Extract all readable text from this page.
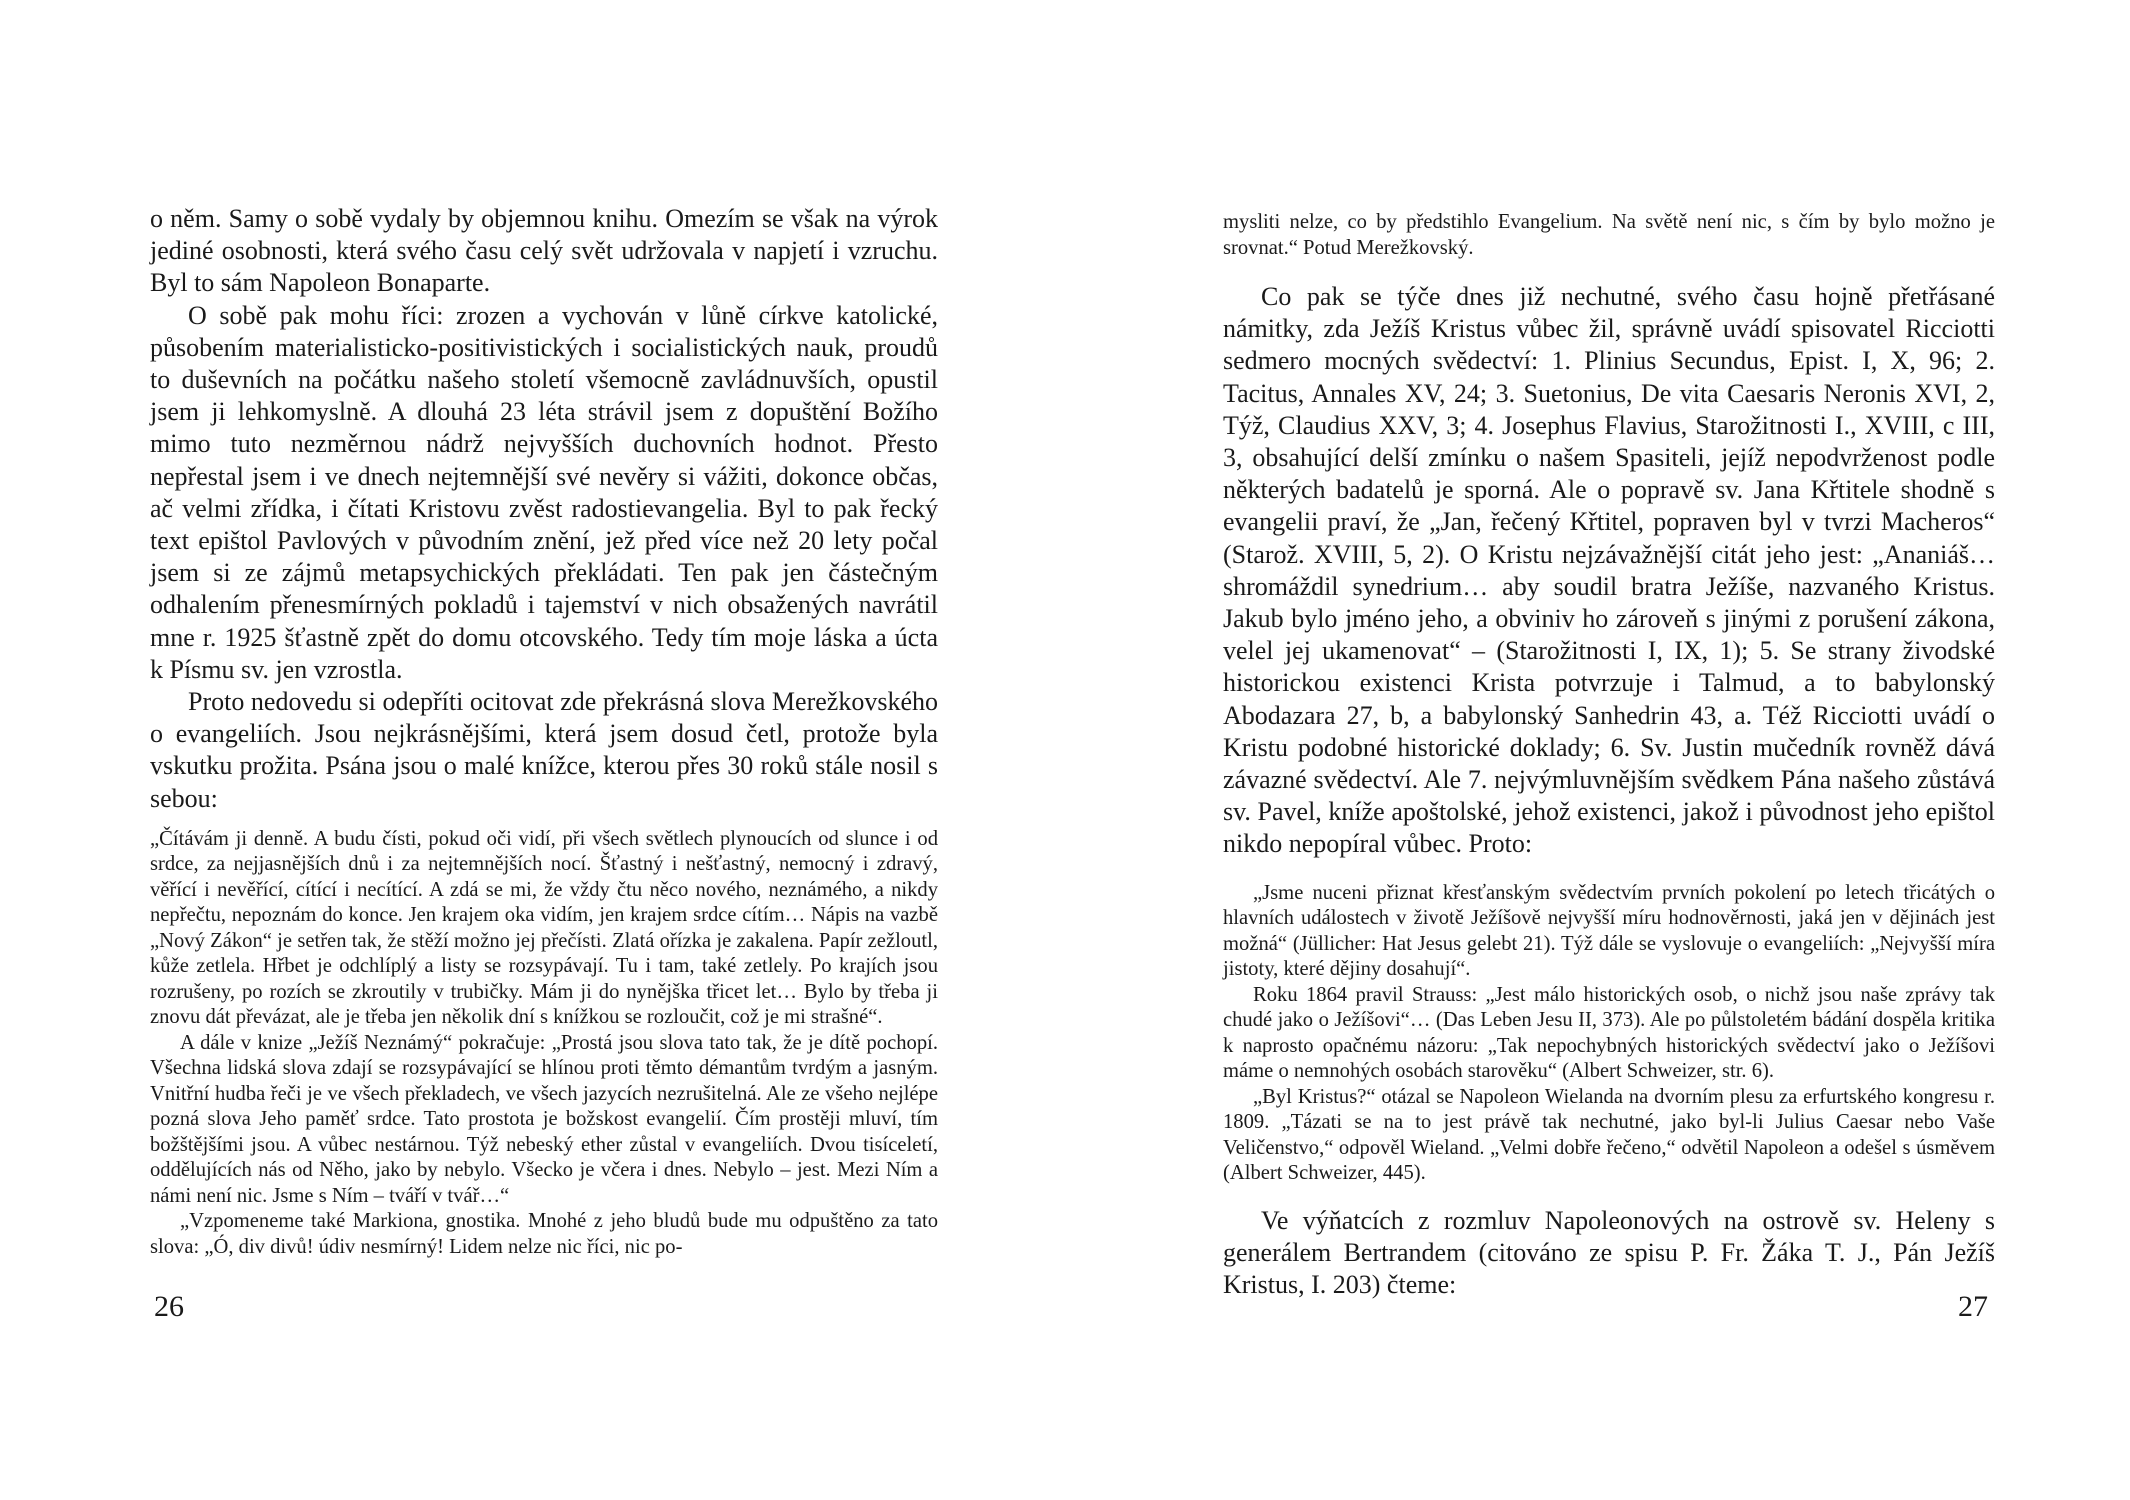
o něm. Samy o sobě vydaly by objemnou knihu. Omezím se však na výrok jediné osobnosti, která svého času celý svět udržovala v napjetí i vzruchu. Byl to sám Napoleon Bonaparte.

O sobě pak mohu říci: zrozen a vychován v lůně církve katolické, působením materialisticko-positivistických i socialistických nauk, proudů to duševních na počátku našeho století všemocně zavládnuvších, opustil jsem ji lehkomyslně. A dlouhá 23 léta strávil jsem z dopuštění Božího mimo tuto nezměrnou nádrž nejvyšších duchovních hodnot. Přesto nepřestal jsem i ve dnech nejtemnější své nevěry si vážiti, dokonce občas, ač velmi zřídka, i čítati Kristovu zvěst radostievangelia. Byl to pak řecký text epištol Pavlových v původním znění, jež před více než 20 lety počal jsem si ze zájmů metapsychických překládati. Ten pak jen částečným odhalením přenesmírných pokladů i tajemství v nich obsažených navrátil mne r. 1925 šťastně zpět do domu otcovského. Tedy tím moje láska a úcta k Písmu sv. jen vzrostla.

Proto nedovedu si odepříti ocitovat zde překrásná slova Merežkovského o evangeliích. Jsou nejkrásnějšími, která jsem dosud četl, protože byla vskutku prožita. Psána jsou o malé knížce, kterou přes 30 roků stále nosil s sebou:

„Čítávám ji denně. A budu čísti, pokud oči vidí, při všech světlech plynoucích od slunce i od srdce, za nejjasnějších dnů i za nejtemnějších nocí. Šťastný i nešťastný, nemocný i zdravý, věřící i nevěřící, cítící i necítící. A zdá se mi, že vždy čtu něco nového, neznámého, a nikdy nepřečtu, nepoznám do konce. Jen krajem oka vidím, jen krajem srdce cítím… Nápis na vazbě „Nový Zákon“ je setřen tak, že stěží možno jej přečísti. Zlatá ořízka je zakalena. Papír zežloutl, kůže zetlela. Hřbet je odchlíplý a listy se rozsypávají. Tu i tam, také zetlely. Po krajích jsou rozrušeny, po rozích se zkroutily v trubičky. Mám ji do nynějška třicet let… Bylo by třeba ji znovu dát převázat, ale je třeba jen několik dní s knížkou se rozloučit, což je mi strašné“.

A dále v knize „Ježíš Neznámý“ pokračuje: „Prostá jsou slova tato tak, že je dítě pochopí. Všechna lidská slova zdají se rozsypávající se hlínou proti těmto démantům tvrdým a jasným. Vnitřní hudba řeči je ve všech překladech, ve všech jazycích nezrušitelná. Ale ze všeho nejlépe pozná slova Jeho paměť srdce. Tato prostota je božskost evangelií. Čím prostěji mluví, tím božštějšími jsou. A vůbec nestárnou. Týž nebeský ether zůstal v evangeliích. Dvou tisíceletí, oddělujících nás od Něho, jako by nebylo. Všecko je včera i dnes. Nebylo – jest. Mezi Ním a námi není nic. Jsme s Ním – tváří v tvář…“

„Vzpomeneme také Markiona, gnostika. Mnohé z jeho bludů bude mu odpuštěno za tato slova: „Ó, div divů! údiv nesmírný! Lidem nelze nic říci, nic po-

mysliti nelze, co by předstihlo Evangelium. Na světě není nic, s čím by bylo možno je srovnat.“ Potud Merežkovský.

Co pak se týče dnes již nechutné, svého času hojně přetřásané námitky, zda Ježíš Kristus vůbec žil, správně uvádí spisovatel Ricciotti sedmero mocných svědectví: 1. Plinius Secundus, Epist. I, X, 96; 2. Tacitus, Annales XV, 24; 3. Suetonius, De vita Caesaris Neronis XVI, 2, Týž, Claudius XXV, 3; 4. Josephus Flavius, Starožitnosti I., XVIII, c III, 3, obsahující delší zmínku o našem Spasiteli, jejíž nepodvrženost podle některých badatelů je sporná. Ale o popravě sv. Jana Křtitele shodně s evangelii praví, že „Jan, řečený Křtitel, popraven byl v tvrzi Macheros“ (Starož. XVIII, 5, 2). O Kristu nejzávažnější citát jeho jest: „Ananiáš… shromáždil synedrium… aby soudil bratra Ježíše, nazvaného Kristus. Jakub bylo jméno jeho, a obviniv ho zároveň s jinými z porušení zákona, velel jej ukamenovat“ – (Starožitnosti I, IX, 1); 5. Se strany živodské historickou existenci Krista potvrzuje i Talmud, a to babylonský Abodazara 27, b, a babylonský Sanhedrin 43, a. Též Ricciotti uvádí o Kristu podobné historické doklady; 6. Sv. Justin mučedník rovněž dává závazné svědectví. Ale 7. nejvýmluvnějším svědkem Pána našeho zůstává sv. Pavel, kníže apoštolské, jehož existenci, jakož i původnost jeho epištol nikdo nepopíral vůbec. Proto:

„Jsme nuceni přiznat křesťanským svědectvím prvních pokolení po letech třicátých o hlavních událostech v životě Ježíšově nejvyšší míru hodnověrnosti, jaká jen v dějinách jest možná“ (Jüllicher: Hat Jesus gelebt 21). Týž dále se vyslovuje o evangeliích: „Nejvyšší míra jistoty, které dějiny dosahují“.

Roku 1864 pravil Strauss: „Jest málo historických osob, o nichž jsou naše zprávy tak chudé jako o Ježíšovi“… (Das Leben Jesu II, 373). Ale po půlstoletém bádání dospěla kritika k naprosto opačnému názoru: „Tak nepochybných historických svědectví jako o Ježíšovi máme o nemnohých osobách starověku“ (Albert Schweizer, str. 6).

„Byl Kristus?“ otázal se Napoleon Wielanda na dvorním plesu za erfurtského kongresu r. 1809. „Tázati se na to jest právě tak nechutné, jako byl-li Julius Caesar nebo Vaše Veličenstvo,“ odpověl Wieland. „Velmi dobře řečeno,“ odvětil Napoleon a odešel s úsměvem (Albert Schweizer, 445).

Ve výňatcích z rozmluv Napoleonových na ostrově sv. Heleny s generálem Bertrandem (citováno ze spisu P. Fr. Žáka T. J., Pán Ježíš Kristus, I. 203) čteme:

26	27
